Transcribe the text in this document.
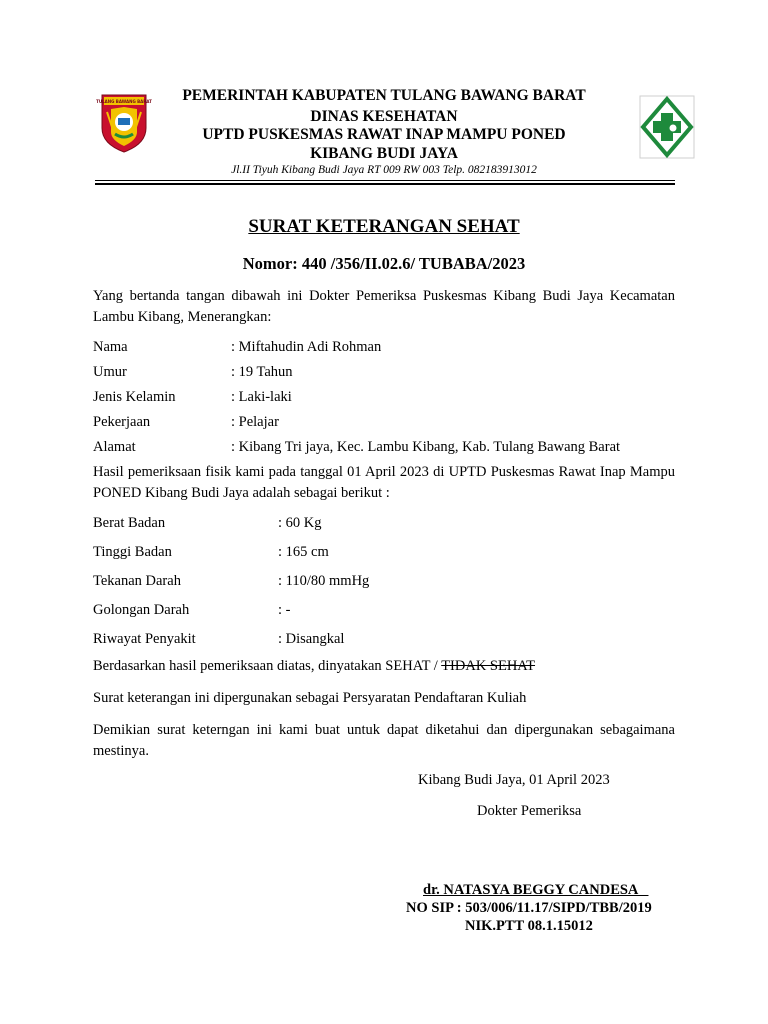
TULANG BAWANG BARAT	PEMERINTAH KABUPATEN TULANG BAWANG BARAT
DINAS KESEHATAN
UPTD PUSKESMAS RAWAT INAP MAMPU PONED
KIBANG BUDI JAYA
Jl.II Tiyuh Kibang Budi Jaya RT 009 RW 003 Telp. 082183913012
SURAT KETERANGAN SEHAT
Nomor: 440 /356/II.02.6/ TUBABA/2023
Yang bertanda tangan dibawah ini Dokter Pemeriksa Puskesmas Kibang Budi Jaya Kecamatan Lambu Kibang, Menerangkan:
Nama	: Miftahudin Adi Rohman
Umur	: 19 Tahun
Jenis Kelamin	: Laki-laki
Pekerjaan	: Pelajar
Alamat	: Kibang Tri jaya, Kec. Lambu Kibang, Kab. Tulang Bawang Barat
Hasil pemeriksaan fisik kami pada tanggal 01 April 2023 di UPTD Puskesmas Rawat Inap Mampu PONED Kibang Budi Jaya adalah sebagai berikut :
Berat Badan	: 60 Kg
Tinggi Badan	: 165 cm
Tekanan Darah	: 110/80 mmHg
Golongan Darah	: -
Riwayat Penyakit	: Disangkal
Berdasarkan hasil pemeriksaan diatas, dinyatakan SEHAT / TIDAK SEHAT
Surat keterangan ini dipergunakan sebagai Persyaratan Pendaftaran Kuliah
Demikian surat keterngan ini kami buat untuk dapat diketahui dan dipergunakan sebagaimana mestinya.
Kibang Budi Jaya, 01 April 2023
Dokter Pemeriksa
dr. NATASYA BEGGY CANDESA
NO SIP : 503/006/11.17/SIPD/TBB/2019
NIK.PTT 08.1.15012
